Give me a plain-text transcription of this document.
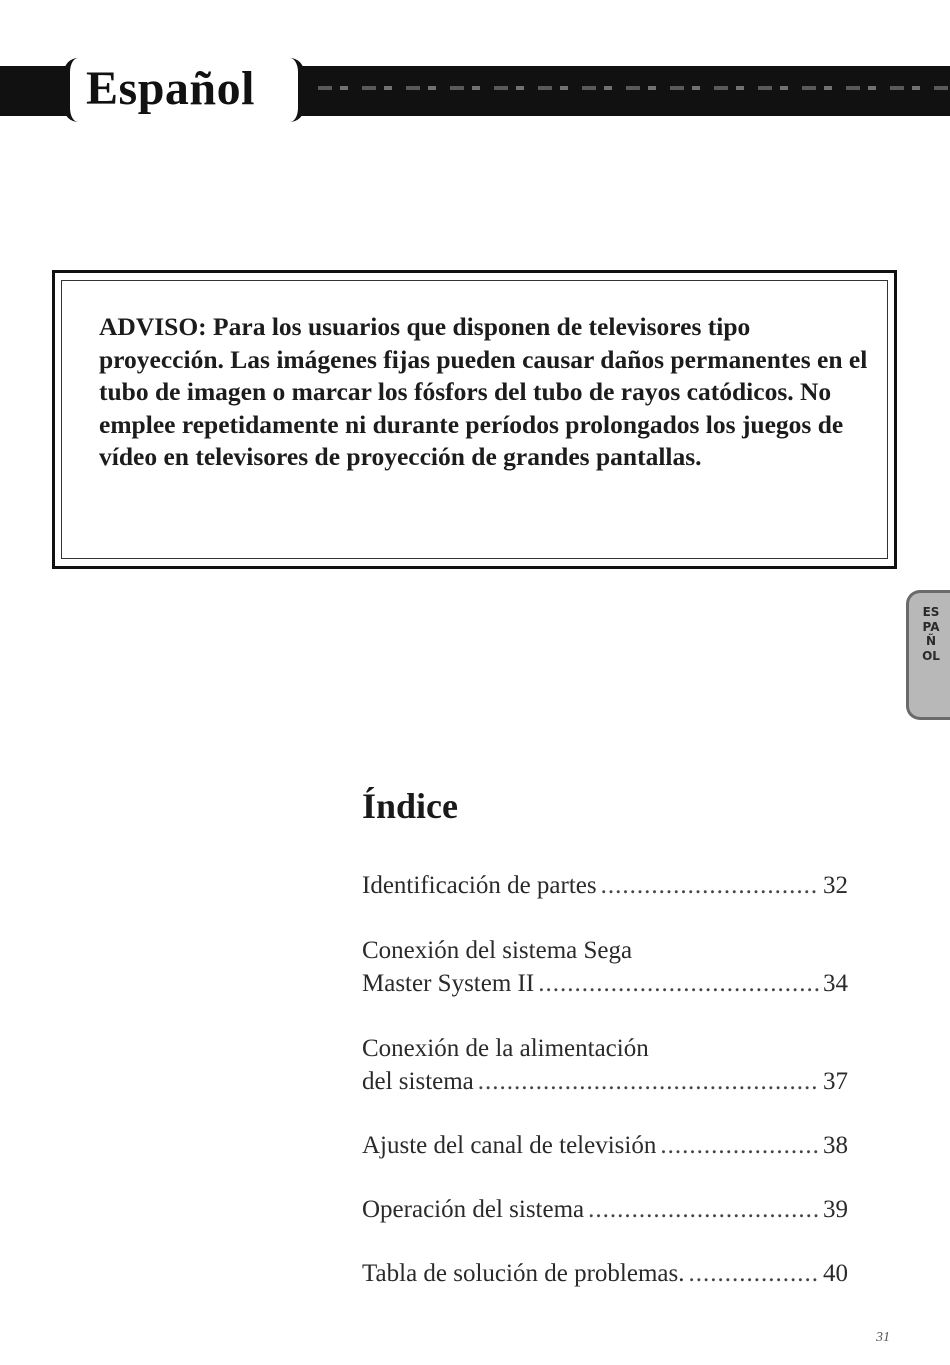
Español

ADVISO: Para los usuarios que disponen de televisores tipo proyección. Las imágenes fijas pueden causar daños permanentes en el tubo de imagen o marcar los fósfors del tubo de rayos catódicos. No emplee repetidamente ni durante períodos prolongados los juegos de vídeo en televisores de proyección de grandes pantallas.

ESPAÑOL
Índice
Identificación de partes .....	32
Conexión del sistema Sega
Master System II .....	34
Conexión de la alimentación
del sistema .....	37
Ajuste del canal de televisión .....	38
Operación del sistema .....	39
Tabla de solución de problemas. .....	40
31
